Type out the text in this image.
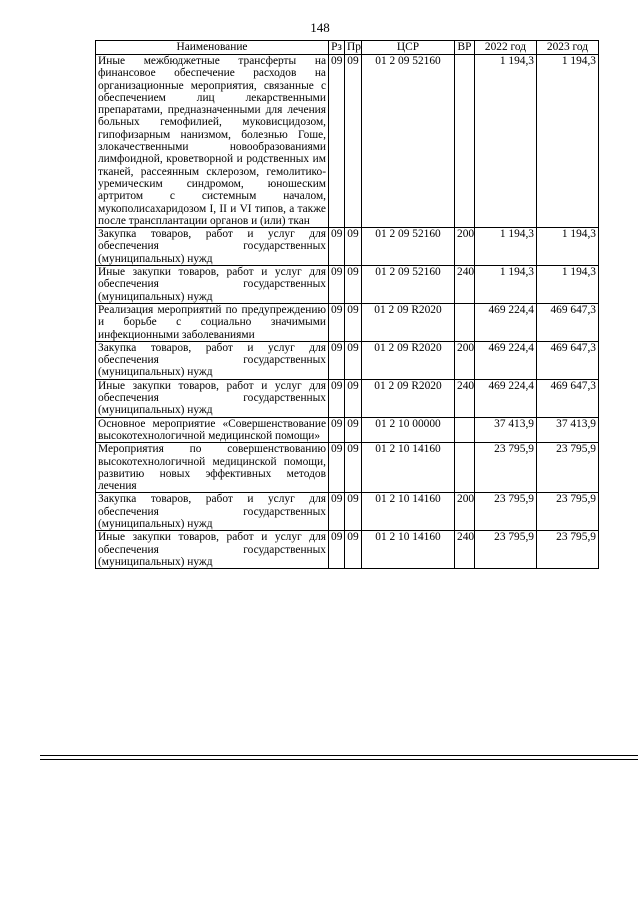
148
Наименование	Рз	Пр	ЦСР	ВР	2022 год	2023 год
Иные межбюджетные трансферты на финансовое обеспечение расходов на организационные мероприятия, связанные с обеспечением лиц лекарственными препаратами, предназначенными для лечения больных гемофилией, муковисцидозом, гипофизарным нанизмом, болезнью Гоше, злокачественными новообразованиями лимфоидной, кроветворной и родственных им тканей, рассеянным склерозом, гемолитико-уремическим синдромом, юношеским артритом с системным началом, мукополисахаридозом I, II и VI типов, а также после трансплантации органов и (или) ткан	09	09	01 2 09 52160		1 194,3	1 194,3
Закупка товаров, работ и услуг для обеспечения государственных (муниципальных) нужд	09	09	01 2 09 52160	200	1 194,3	1 194,3
Иные закупки товаров, работ и услуг для обеспечения государственных (муниципальных) нужд	09	09	01 2 09 52160	240	1 194,3	1 194,3
Реализация мероприятий по предупреждению и борьбе с социально значимыми инфекционными заболеваниями	09	09	01 2 09 R2020		469 224,4	469 647,3
Закупка товаров, работ и услуг для обеспечения государственных (муниципальных) нужд	09	09	01 2 09 R2020	200	469 224,4	469 647,3
Иные закупки товаров, работ и услуг для обеспечения государственных (муниципальных) нужд	09	09	01 2 09 R2020	240	469 224,4	469 647,3
Основное мероприятие «Совершенствование высокотехнологичной медицинской помощи»	09	09	01 2 10 00000		37 413,9	37 413,9
Мероприятия по совершенствованию высокотехнологичной медицинской помощи, развитию новых эффективных методов лечения	09	09	01 2 10 14160		23 795,9	23 795,9
Закупка товаров, работ и услуг для обеспечения государственных (муниципальных) нужд	09	09	01 2 10 14160	200	23 795,9	23 795,9
Иные закупки товаров, работ и услуг для обеспечения государственных (муниципальных) нужд	09	09	01 2 10 14160	240	23 795,9	23 795,9
